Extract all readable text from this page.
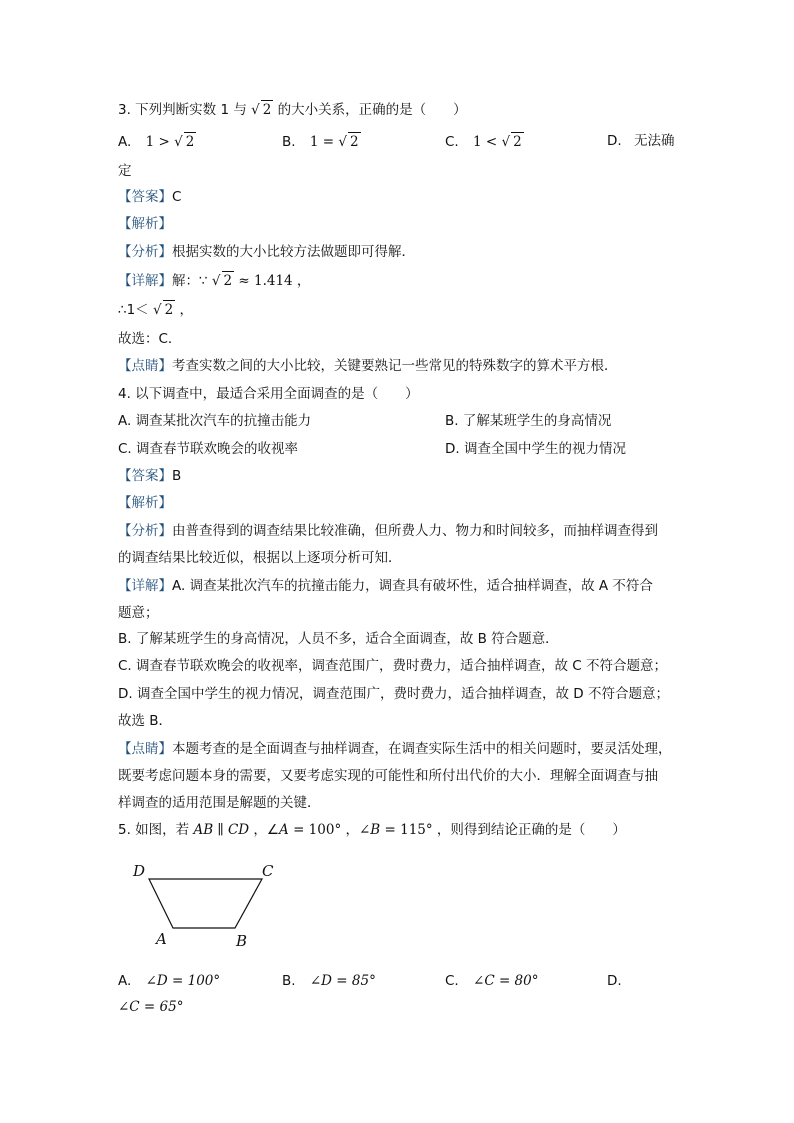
3. 下列判断实数 1 与 √ 2 的大小关系，正确的是（　　）
A. 1 > √ 2	B. 1 = √ 2	C. 1 < √ 2	D. 无法确
定
【答案】C
【解析】
【分析】根据实数的大小比较方法做题即可得解．
【详解】解：∵ √ 2 ≈ 1.414 ，
∴1＜ √ 2 ，
故选：C．
【点睛】考查实数之间的大小比较，关键要熟记一些常见的特殊数字的算术平方根．
4. 以下调查中，最适合采用全面调查的是（　　）
A. 调查某批次汽车的抗撞击能力	B. 了解某班学生的身高情况
C. 调查春节联欢晚会的收视率	D. 调查全国中学生的视力情况
【答案】B
【解析】
【分析】由普查得到的调查结果比较准确，但所费人力、物力和时间较多，而抽样调查得到
的调查结果比较近似，根据以上逐项分析可知．
【详解】A. 调查某批次汽车的抗撞击能力，调查具有破坏性，适合抽样调查，故 A 不符合
题意；
B. 了解某班学生的身高情况，人员不多，适合全面调查，故 B 符合题意．
C. 调查春节联欢晚会的收视率，调查范围广，费时费力，适合抽样调查，故 C 不符合题意；
D. 调查全国中学生的视力情况，调查范围广，费时费力，适合抽样调查，故 D 不符合题意；
故选 B．
【点睛】本题考查的是全面调查与抽样调查，在调查实际生活中的相关问题时，要灵活处理，
既要考虑问题本身的需要，又要考虑实现的可能性和所付出代价的大小．理解全面调查与抽
样调查的适用范围是解题的关键．
5. 如图，若 AB ∥ CD ，∠A = 100° ，∠B = 115° ，则得到结论正确的是（　　）
D	C
A	B
A. ∠D = 100°	B. ∠D = 85°	C. ∠C = 80°	D.
∠C = 65°
